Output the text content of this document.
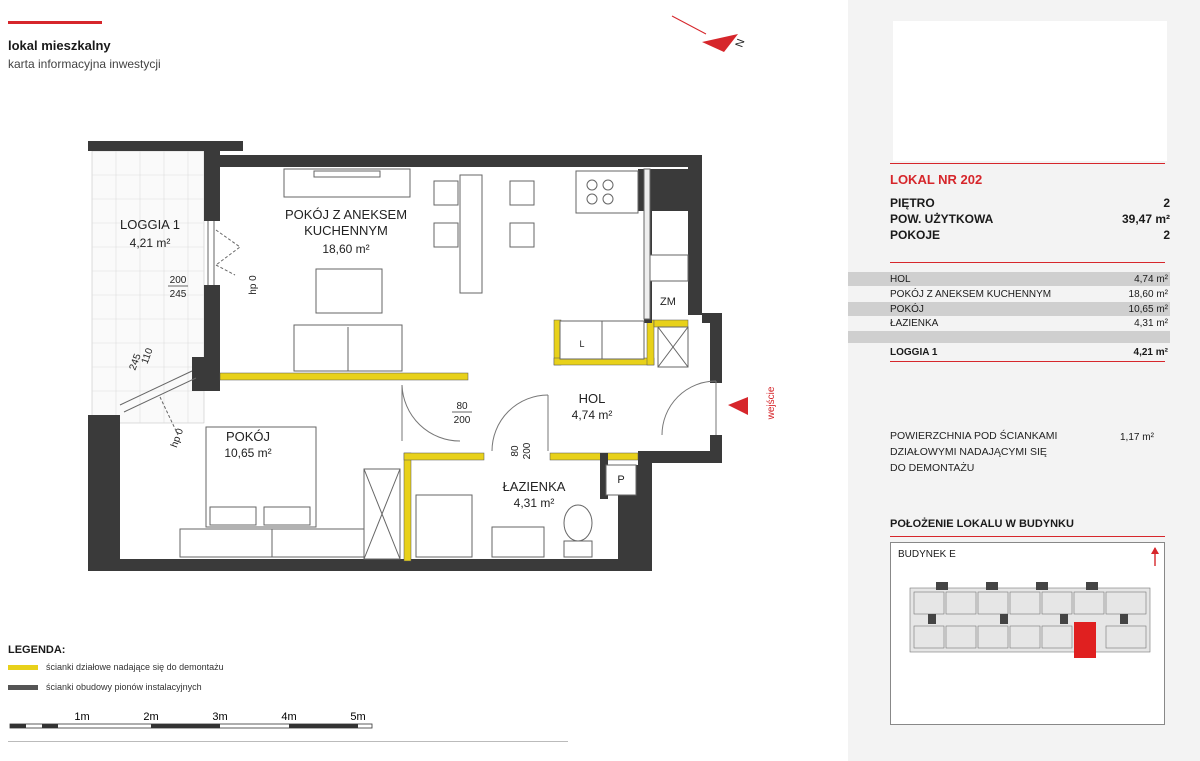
lokal mieszkalny
karta informacyjna inwestycji
N
LOGGIA 1
4,21 m²
POKÓJ Z ANEKSEM
KUCHENNYM
18,60 m²
POKÓJ
10,65 m²
HOL
4,74 m²
ŁAZIENKA
4,31 m²
ZM
P
L
200
245	hp 0
110
245
hp 0
80
200
80 200
wejście
LEGENDA:
ścianki działowe nadające się do demontażu
ścianki obudowy pionów instalacyjnych
1m	2m	3m	4m	5m
LOKAL NR 202
PIĘTRO	2
POW. UŻYTKOWA	39,47 m²
POKOJE	2
HOL	4,74 m²
POKÓJ Z ANEKSEM KUCHENNYM	18,60 m²
POKÓJ	10,65 m²
ŁAZIENKA	4,31 m²
LOGGIA 1	4,21 m²
POWIERZCHNIA POD ŚCIANKAMI
DZIAŁOWYMI NADAJĄCYMI SIĘ
DO DEMONTAŻU
1,17 m²
POŁOŻENIE LOKALU W BUDYNKU
BUDYNEK E
